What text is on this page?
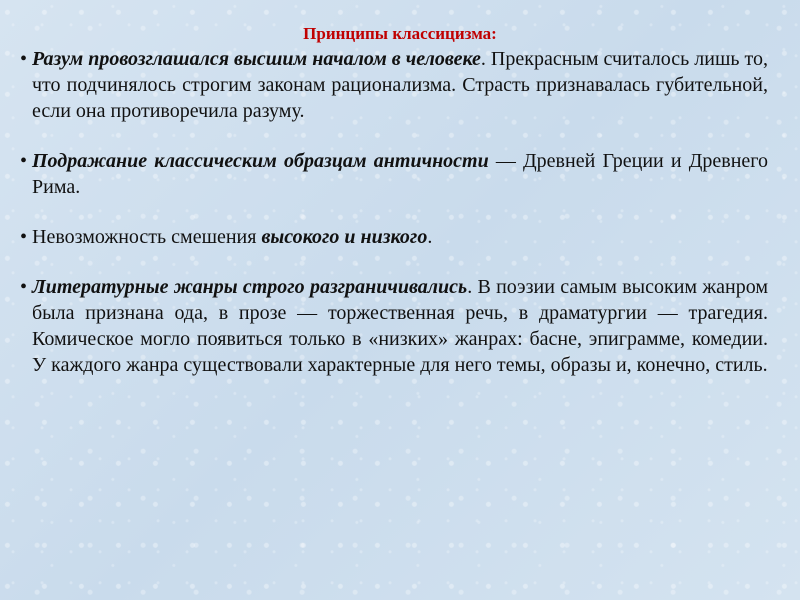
Принципы классицизма:

• Разум провозглашался высшим началом в человеке. Прекрасным считалось лишь то, что подчинялось строгим законам рационализма. Страсть признавалась губительной, если она противоречила разуму.

• Подражание классическим образцам античности — Древней Греции и Древнего Рима.

• Невозможность смешения высокого и низкого.

• Литературные жанры строго разграничивались. В поэзии самым высоким жанром была признана ода, в прозе — торжественная речь, в драматургии — трагедия. Комическое могло появиться только в «низких» жанрах: басне, эпиграмме, комедии. У каждого жанра существовали характерные для него темы, образы и, конечно, стиль.
